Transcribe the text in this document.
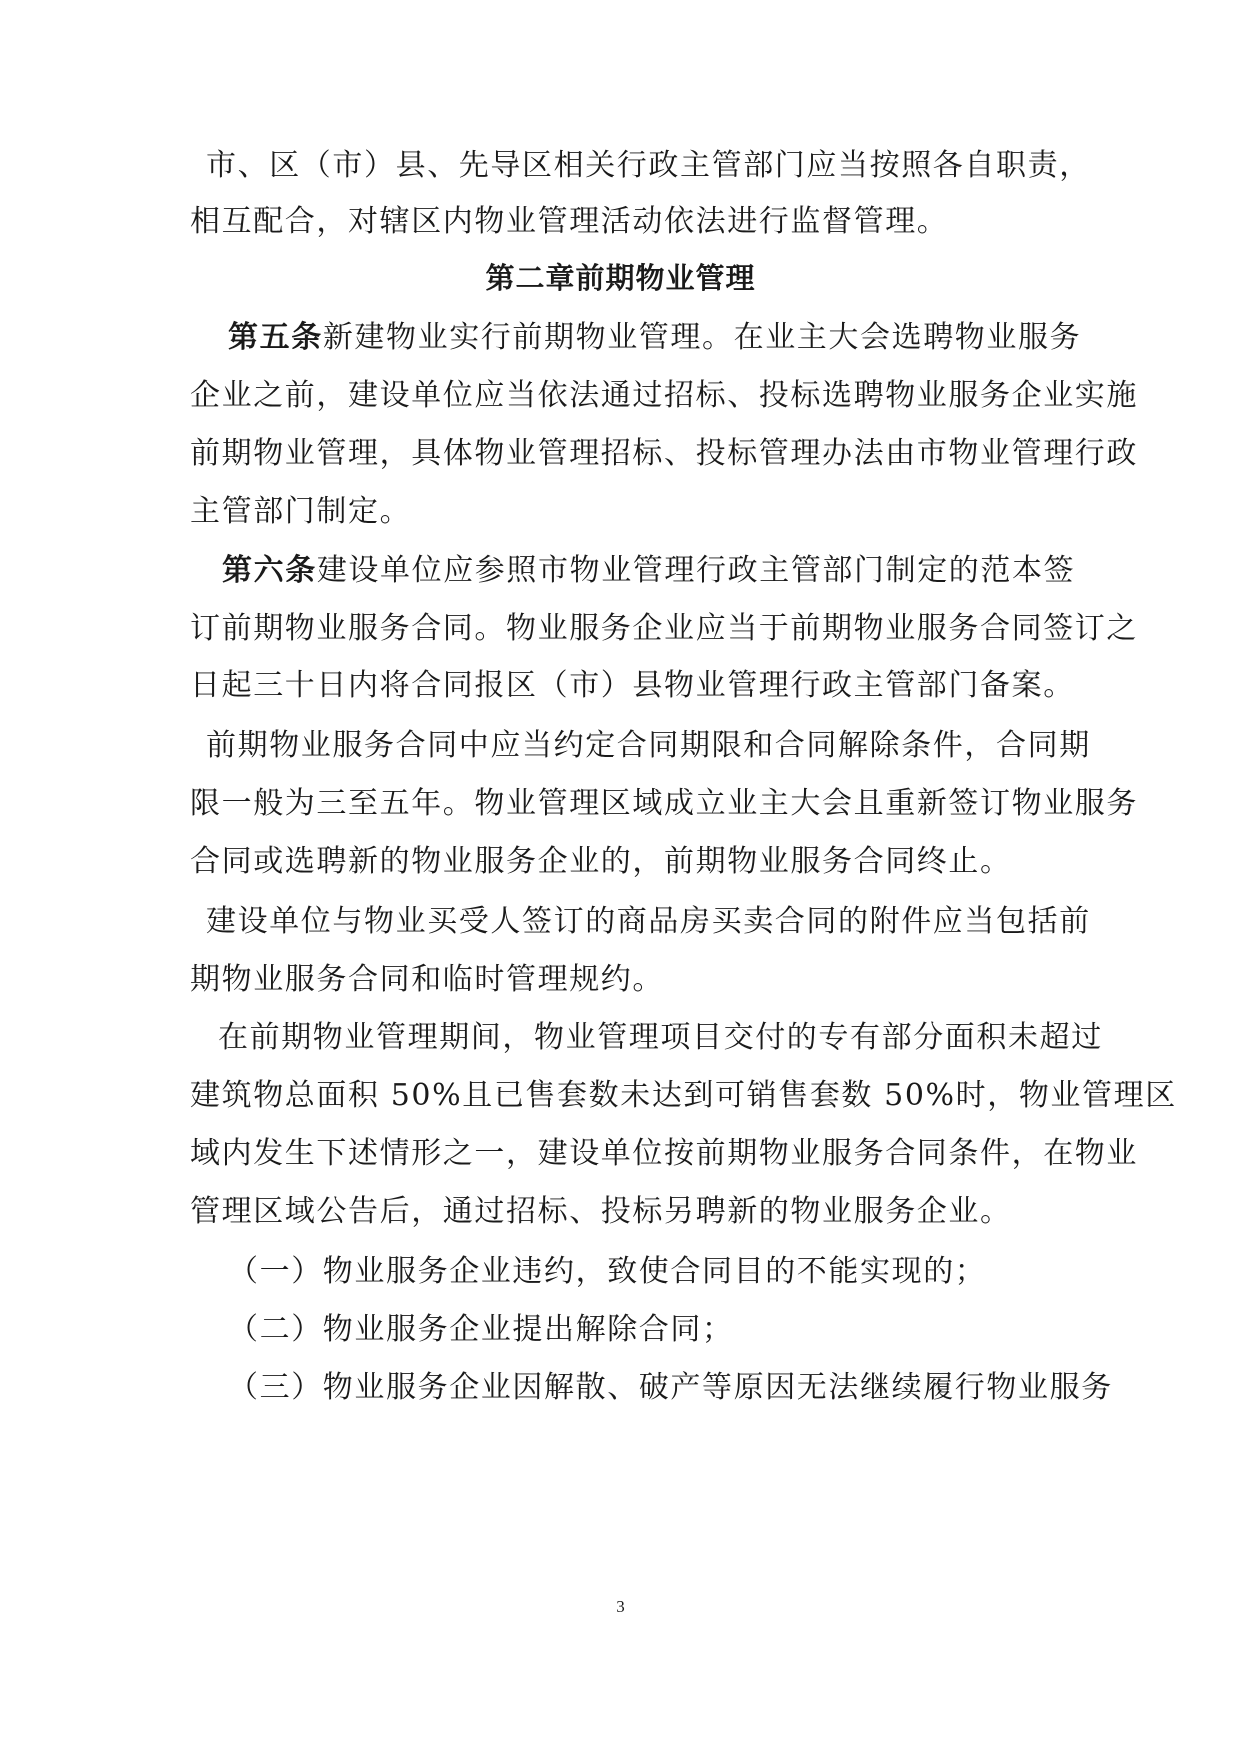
市、区（市）县、先导区相关行政主管部门应当按照各自职责，
相互配合，对辖区内物业管理活动依法进行监督管理。
第二章前期物业管理
第五条新建物业实行前期物业管理。在业主大会选聘物业服务
企业之前，建设单位应当依法通过招标、投标选聘物业服务企业实施
前期物业管理，具体物业管理招标、投标管理办法由市物业管理行政
主管部门制定。
第六条建设单位应参照市物业管理行政主管部门制定的范本签
订前期物业服务合同。物业服务企业应当于前期物业服务合同签订之
日起三十日内将合同报区（市）县物业管理行政主管部门备案。
前期物业服务合同中应当约定合同期限和合同解除条件，合同期
限一般为三至五年。物业管理区域成立业主大会且重新签订物业服务
合同或选聘新的物业服务企业的，前期物业服务合同终止。
建设单位与物业买受人签订的商品房买卖合同的附件应当包括前
期物业服务合同和临时管理规约。
在前期物业管理期间，物业管理项目交付的专有部分面积未超过
建筑物总面积 50%且已售套数未达到可销售套数 50%时，物业管理区
域内发生下述情形之一，建设单位按前期物业服务合同条件，在物业
管理区域公告后，通过招标、投标另聘新的物业服务企业。
（一）物业服务企业违约，致使合同目的不能实现的；
（二）物业服务企业提出解除合同；
（三）物业服务企业因解散、破产等原因无法继续履行物业服务
3
